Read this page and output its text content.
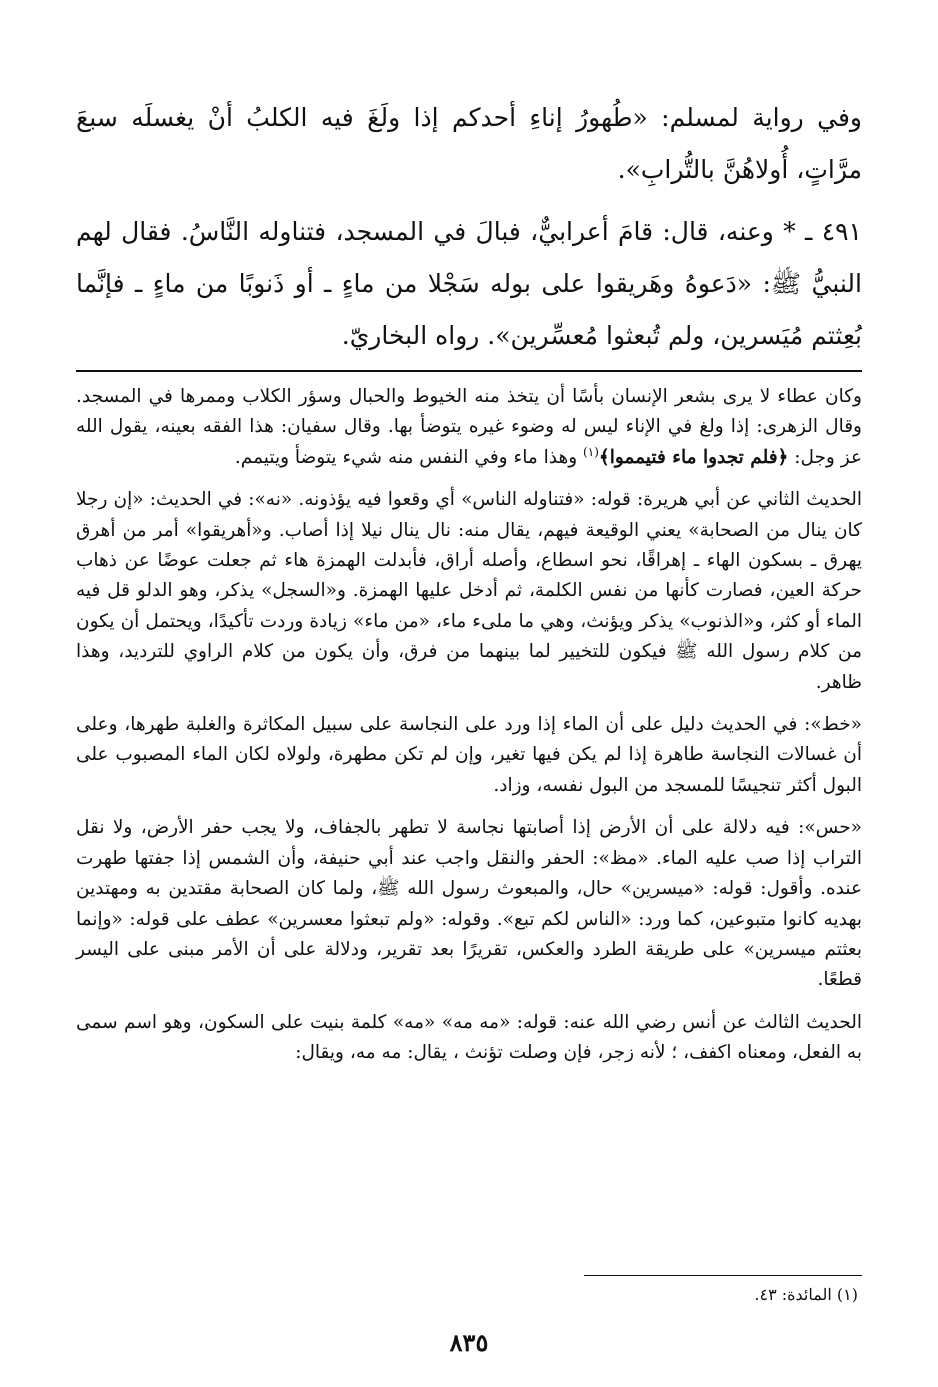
وفي رواية لمسلم: «طُهورُ إناءِ أحدكم إذا ولَغَ فيه الكلبُ أنْ يغسلَه سبعَ مرَّاتٍ، أُولاهُنَّ بالتُّرابِ».

٤٩١ ـ * وعنه، قال: قامَ أعرابيٌّ، فبالَ في المسجد، فتناوله النَّاسُ. فقال لهم النبيُّ ﷺ: «دَعوهُ وهَريقوا على بوله سَجْلا من ماءٍ ـ أو ذَنوبًا من ماءٍ ـ فإنَّما بُعِثتم مُيَسرين، ولم تُبعثوا مُعسِّرين». رواه البخاريّ.

وكان عطاء لا يرى بشعر الإنسان بأسًا أن يتخذ منه الخيوط والحبال وسؤر الكلاب وممرها في المسجد. وقال الزهرى: إذا ولغ في الإناء ليس له وضوء غيره يتوضأ بها. وقال سفيان: هذا الفقه بعينه، يقول الله عز وجل: ﴿فلم تجدوا ماء فتيمموا﴾$^{(١)}$ وهذا ماء وفي النفس منه شيء يتوضأ ويتيمم.

الحديث الثاني عن أبي هريرة: قوله: «فتناوله الناس» أي وقعوا فيه يؤذونه. «نه»: في الحديث: «إن رجلا كان ينال من الصحابة» يعني الوقيعة فيهم، يقال منه: نال ينال نيلا إذا أصاب. و«أهريقوا» أمر من أهرق يهرق ـ بسكون الهاء ـ إهراقًا، نحو اسطاع، وأصله أراق، فأبدلت الهمزة هاء ثم جعلت عوضًا عن ذهاب حركة العين، فصارت كأنها من نفس الكلمة، ثم أدخل عليها الهمزة. و«السجل» يذكر، وهو الدلو قل فيه الماء أو كثر، و«الذنوب» يذكر ويؤنث، وهي ما ملىء ماء، «من ماء» زيادة وردت تأكيدًا، ويحتمل أن يكون من كلام رسول الله ﷺ فيكون للتخيير لما بينهما من فرق، وأن يكون من كلام الراوي للترديد، وهذا ظاهر.

«خط»: في الحديث دليل على أن الماء إذا ورد على النجاسة على سبيل المكاثرة والغلبة طهرها، وعلى أن غسالات النجاسة طاهرة إذا لم يكن فيها تغير، وإن لم تكن مطهرة، ولولاه لكان الماء المصبوب على البول أكثر تنجيسًا للمسجد من البول نفسه، وزاد.

«حس»: فيه دلالة على أن الأرض إذا أصابتها نجاسة لا تطهر بالجفاف، ولا يجب حفر الأرض، ولا نقل التراب إذا صب عليه الماء. «مظ»: الحفر والنقل واجب عند أبي حنيفة، وأن الشمس إذا جفتها طهرت عنده. وأقول: قوله: «ميسرين» حال، والمبعوث رسول الله ﷺ، ولما كان الصحابة مقتدين به ومهتدين بهديه كانوا متبوعين، كما ورد: «الناس لكم تبع». وقوله: «ولم تبعثوا معسرين» عطف على قوله: «وإنما بعثتم ميسرين» على طريقة الطرد والعكس، تقريرًا بعد تقرير، ودلالة على أن الأمر مبنى على اليسر قطعًا.

الحديث الثالث عن أنس رضي الله عنه: قوله: «مه مه» «مه» كلمة بنيت على السكون، وهو اسم سمى به الفعل، ومعناه اكفف، ؛ لأنه زجر، فإن وصلت تؤنث ، يقال: مه مه، ويقال:

(١) المائدة: ٤٣.
٨٣٥
